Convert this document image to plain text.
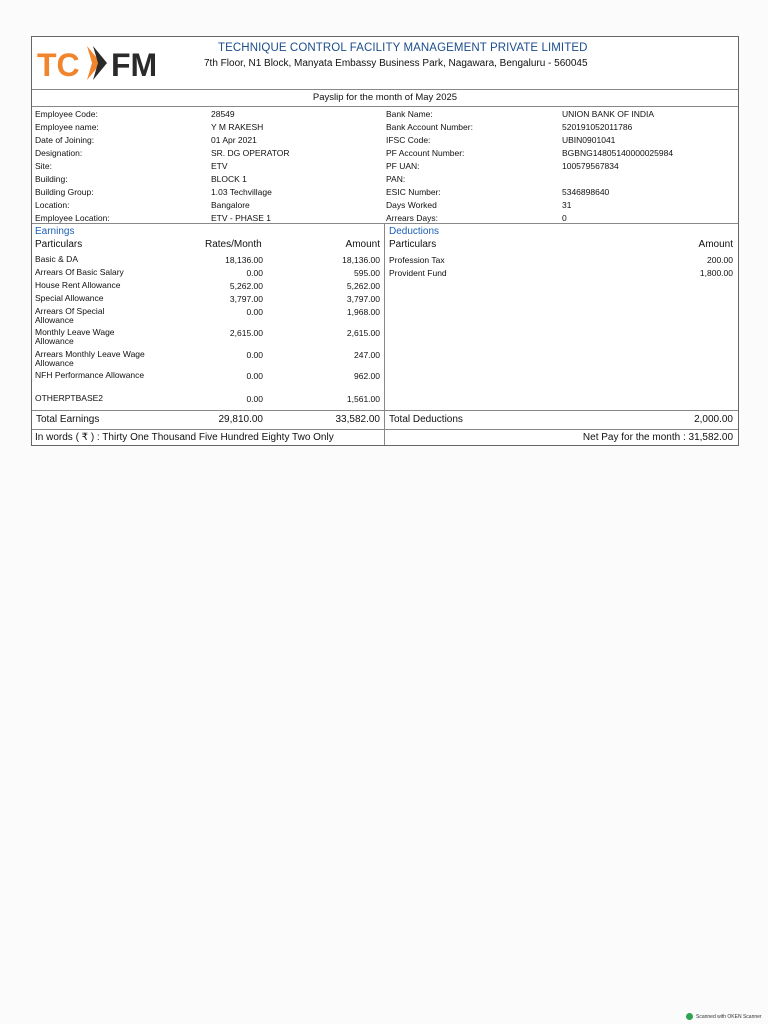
TC FM	TECHNIQUE CONTROL FACILITY MANAGEMENT PRIVATE LIMITED
7th Floor, N1 Block, Manyata Embassy Business Park, Nagawara, Bengaluru - 560045
Payslip for the month of May 2025
Employee Code:	28549	Bank Name:	UNION BANK OF INDIA
Employee name:	Y M RAKESH	Bank Account Number:	520191052011786
Date of Joining:	01 Apr 2021	IFSC Code:	UBIN0901041
Designation:	SR. DG OPERATOR	PF Account Number:	BGBNG14805140000025984
Site:	ETV	PF UAN:	100579567834
Building:	BLOCK 1	PAN:
Building Group:	1.03 Techvillage	ESIC Number:	5346898640
Location:	Bangalore	Days Worked	31
Employee Location:	ETV - PHASE 1	Arrears Days:	0
Earnings
Particulars	Rates/Month	Amount
Basic & DA	18,136.00	18,136.00
Arrears Of Basic Salary	0.00	595.00
House Rent Allowance	5,262.00	5,262.00
Special Allowance	3,797.00	3,797.00
Arrears Of Special Allowance
0.00	1,968.00
Monthly Leave Wage Allowance
2,615.00	2,615.00
Arrears Monthly Leave Wage Allowance
0.00	247.00
NFH Performance Allowance	0.00	962.00
OTHERPTBASE2	0.00	1,561.00
Deductions
Particulars	Amount
Profession Tax	200.00
Provident Fund	1,800.00
Total Earnings	29,810.00	33,582.00 Total Deductions	2,000.00
In words ( ₹ ) : Thirty One Thousand Five Hundred Eighty Two Only	Net Pay for the month : 31,582.00
Scanned with OKEN Scanner
